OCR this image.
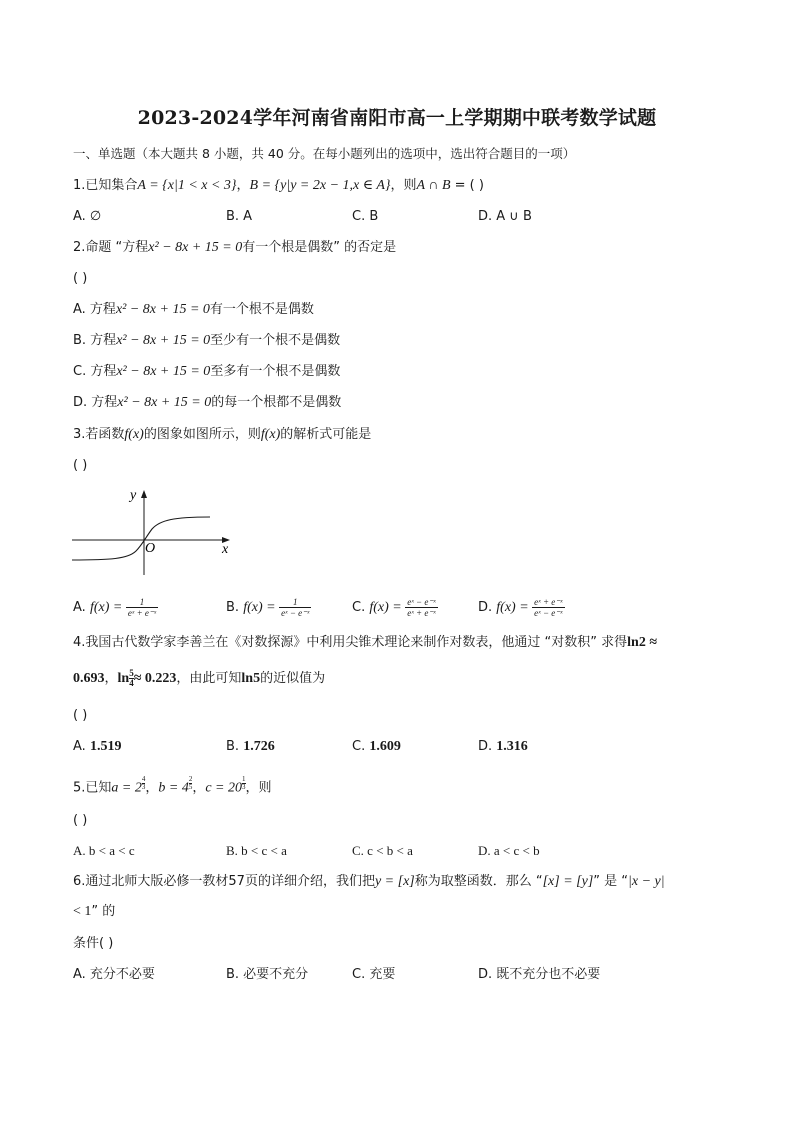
2023-2024学年河南省南阳市高一上学期期中联考数学试题
一、单选题（本大题共 8 小题，共 40 分。在每小题列出的选项中，选出符合题目的一项）
1.已知集合A = {x|1 < x < 3}，B = {y|y = 2x − 1,x ∈ A}，则A ∩ B = ( )
A. ∅	B. A	C. B	D. A ∪ B
2.命题 “方程x² − 8x + 15 = 0有一个根是偶数” 的否定是
( )
A. 方程x² − 8x + 15 = 0有一个根不是偶数
B. 方程x² − 8x + 15 = 0至少有一个根不是偶数
C. 方程x² − 8x + 15 = 0至多有一个根不是偶数
D. 方程x² − 8x + 15 = 0的每一个根都不是偶数
3.若函数f(x)的图象如图所示，则f(x)的解析式可能是
( )
y
x
O
A. $f(x) = \frac{1}{\text{eˣ + e⁻ˣ}}$	B. $f(x) = \frac{1}{\text{eˣ − e⁻ˣ}}$	C. $f(x) = \frac{\text{eˣ − e⁻ˣ}}{\text{eˣ + e⁻ˣ}}$	D. $f(x) = \frac{\text{eˣ + e⁻ˣ}}{\text{eˣ − e⁻ˣ}}$
4.我国古代数学家李善兰在《对数探源》中利用尖锥术理论来制作对数表，他通过 “对数积” 求得ln2 ≈
0.693，$\ln \frac{5}{4}\approx 0.223$，由此可知ln5的近似值为
( )
A. 1.519	B. 1.726	C. 1.609	D. 1.316
5.已知a = 2 $^{\frac{4}{3}}$，b = 4 $^{\frac{2}{5}}$，c = 20 $^{\frac{1}{3}}$，则
( )
A. b < a < c	B. b < c < a	C. c < b < a	D. a < c < b
6.通过北师大版必修一教材57页的详细介绍，我们把y = [x]称为取整函数．那么 “[x] = [y]” 是 “|x − y|
< 1” 的
条件( )
A. 充分不必要	B. 必要不充分	C. 充要	D. 既不充分也不必要
